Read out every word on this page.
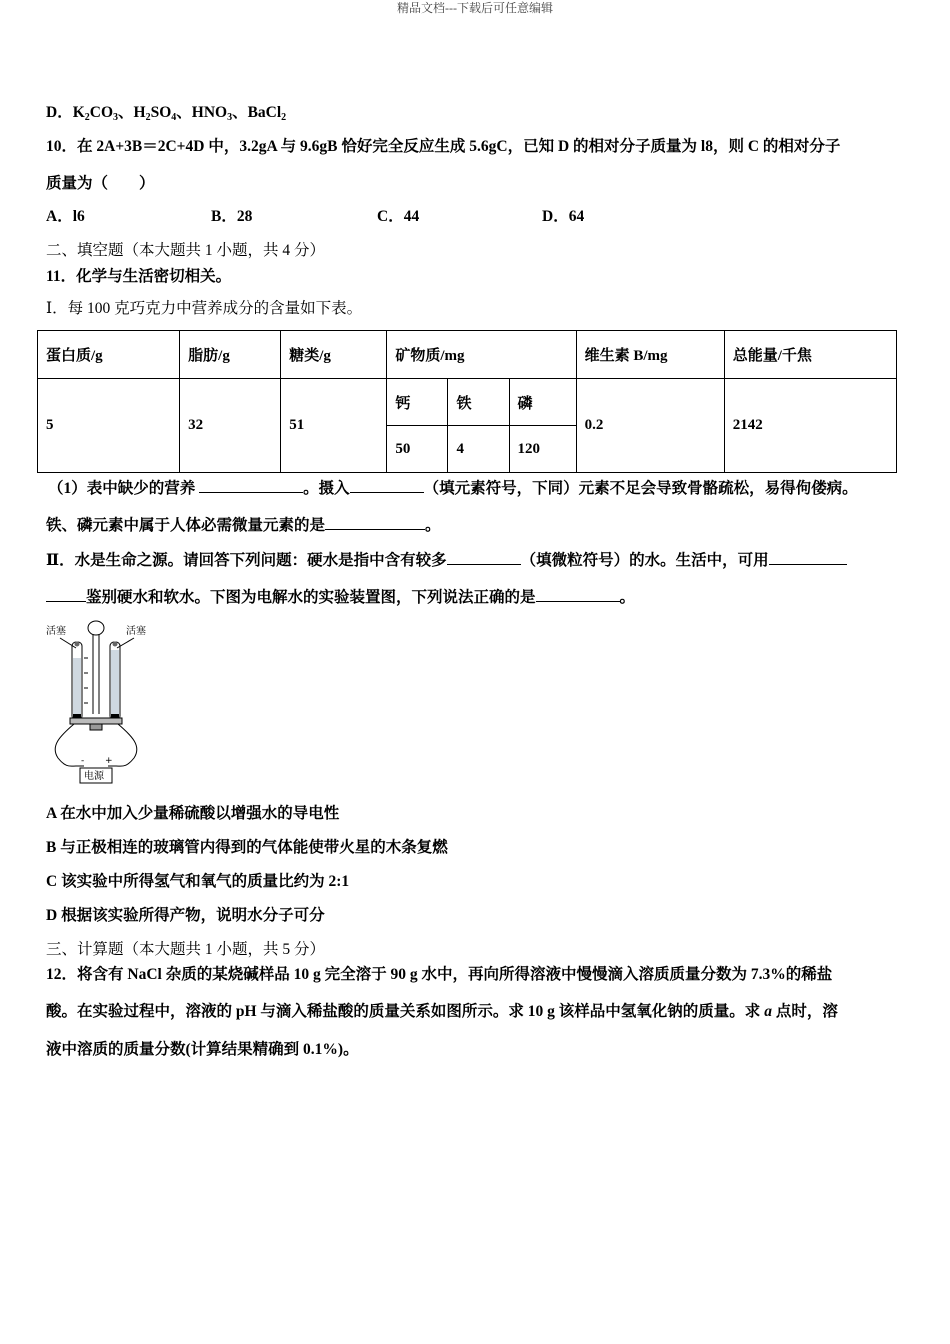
精品文档---下载后可任意编辑
D．$K_2CO_3$、$H_2SO_4$、$HNO_3$、BaCl$_2$
10．在 2A+3B＝2C+4D 中，3.2gA 与 9.6gB 恰好完全反应生成 5.6gC，已知 D 的相对分子质量为 l8，则 C 的相对分子
质量为（　　）
A．l6	B．28	C．44	D．64
二、填空题（本大题共 1 小题，共 4 分）
11．化学与生活密切相关。
Ⅰ．每 100 克巧克力中营养成分的含量如下表。
蛋白质/g	脂肪/g	糖类/g	矿物质/mg			维生素 B/mg	总能量/千焦
5	32	51	钙	铁	磷	0.2	2142
			50	4	120		
（1）表中缺少的营养	。摄入	（填元素符号，下同）元素不足会导致骨骼疏松，易得佝偻病。
铁、磷元素中属于人体必需微量元素的是	。
Ⅱ．水是生命之源。请回答下列问题：硬水是指中含有较多	（填微粒符号）的水。生活中，可用
鉴别硬水和软水。下图为电解水的实验装置图，下列说法正确的是	。
活塞	活塞
- +
电源
A 在水中加入少量稀硫酸以增强水的导电性
B 与正极相连的玻璃管内得到的气体能使带火星的木条复燃
C 该实验中所得氢气和氧气的质量比约为 2:1
D 根据该实验所得产物，说明水分子可分
三、计算题（本大题共 1 小题，共 5 分）
12．将含有 NaCl 杂质的某烧碱样品 10 g 完全溶于 90 g 水中，再向所得溶液中慢慢滴入溶质质量分数为 7.3%的稀盐
酸。在实验过程中，溶液的 pH 与滴入稀盐酸的质量关系如图所示。求 10 g 该样品中氢氧化钠的质量。求 a 点时，溶
液中溶质的质量分数(计算结果精确到 0.1%)。
